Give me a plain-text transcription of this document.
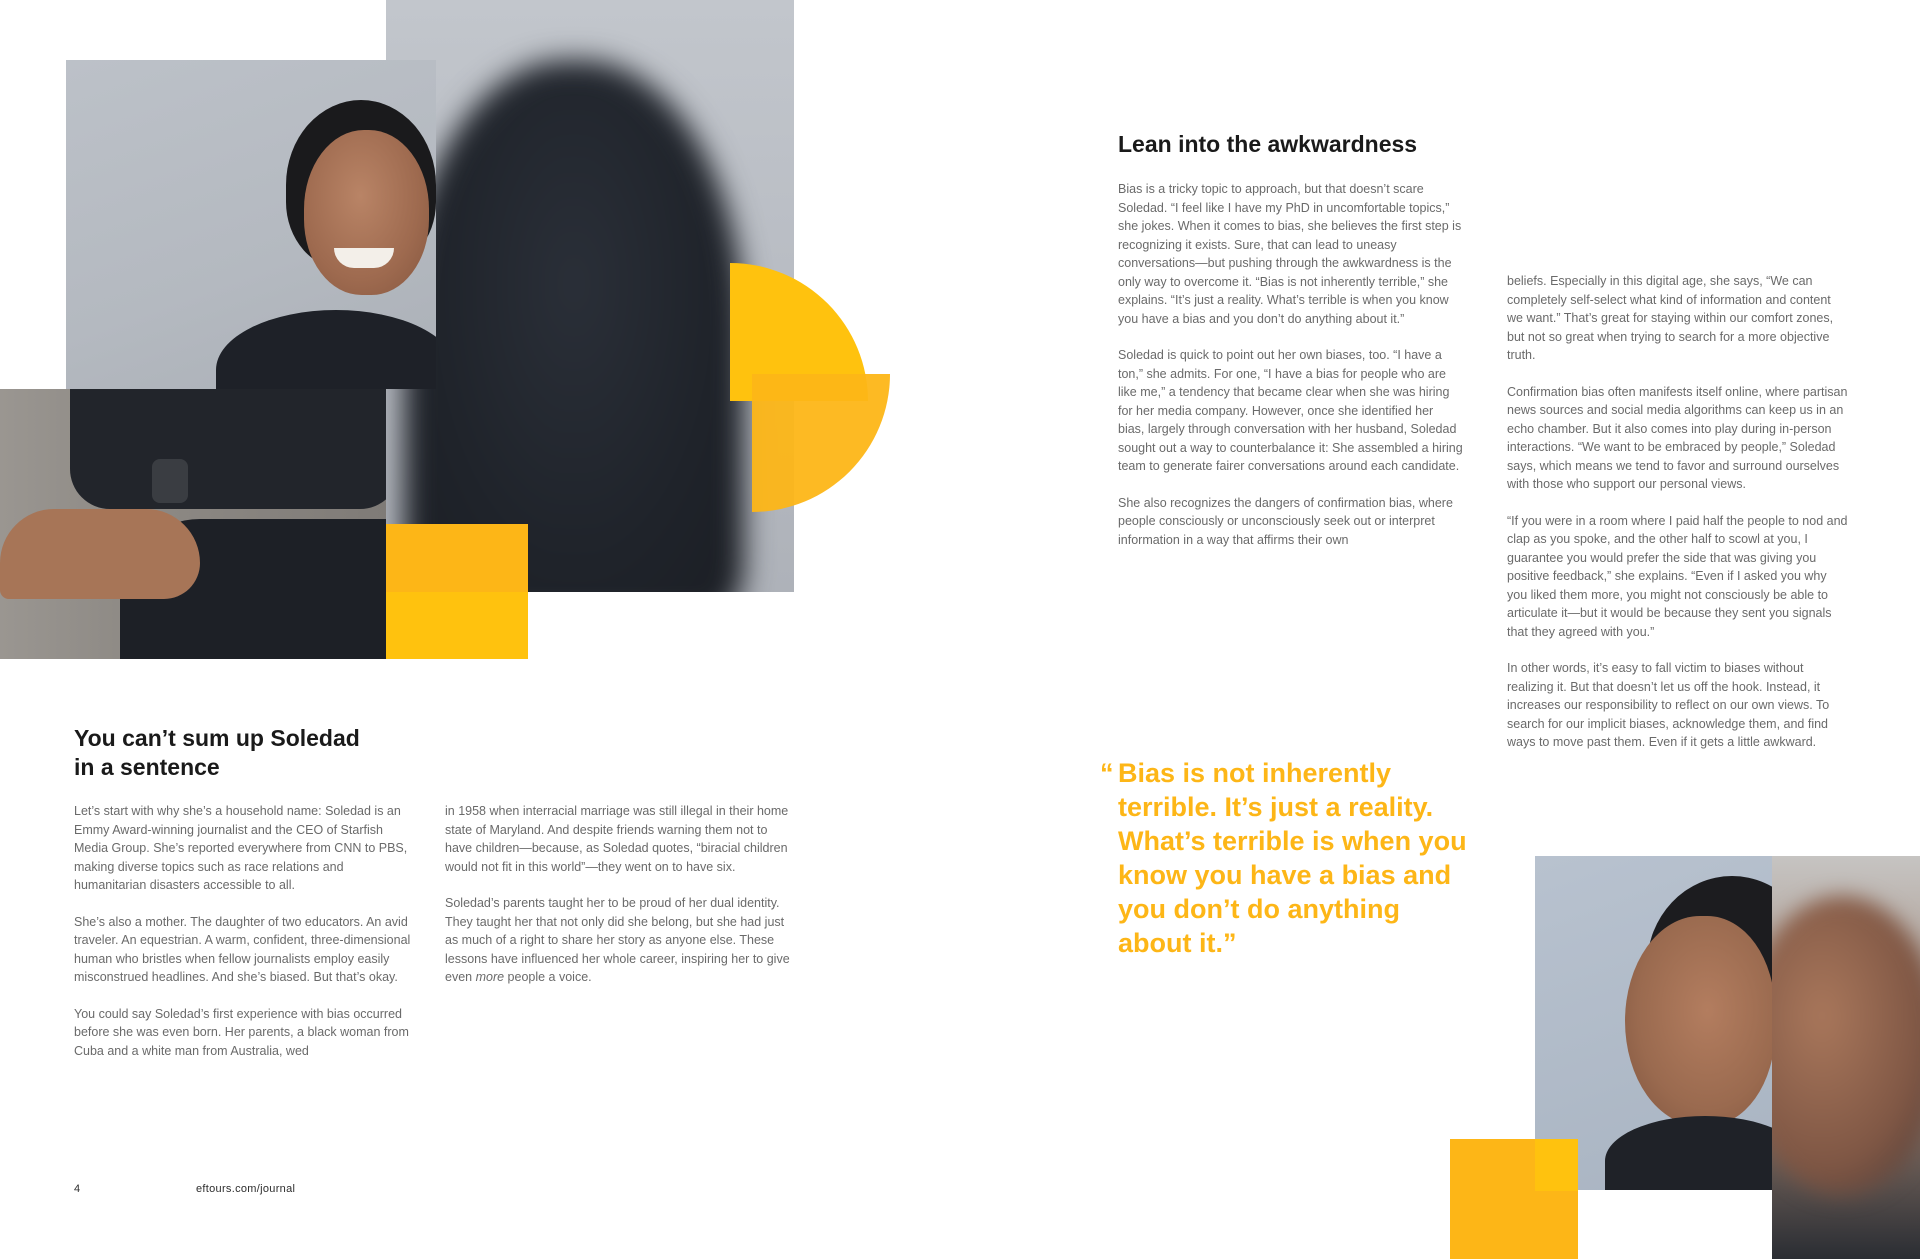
You can’t sum up Soledad
in a sentence

Let’s start with why she’s a household name: Soledad is an Emmy Award-winning journalist and the CEO of Starfish Media Group. She’s reported everywhere from CNN to PBS, making diverse topics such as race relations and humanitarian disasters accessible to all.

She’s also a mother. The daughter of two educators. An avid traveler. An equestrian. A warm, confident, three-dimensional human who bristles when fellow journalists employ easily misconstrued headlines. And she’s biased. But that’s okay.

You could say Soledad’s first experience with bias occurred before she was even born. Her parents, a black woman from Cuba and a white man from Australia, wed

in 1958 when interracial marriage was still illegal in their home state of Maryland. And despite friends warning them not to have children—because, as Soledad quotes, “biracial children would not fit in this world”—they went on to have six.

Soledad’s parents taught her to be proud of her dual identity. They taught her that not only did she belong, but she had just as much of a right to share her story as anyone else. These lessons have influenced her whole career, inspiring her to give even more people a voice.

4	eftours.com/journal

Lean into the awkwardness

Bias is a tricky topic to approach, but that doesn’t scare Soledad. “I feel like I have my PhD in uncomfortable topics,” she jokes. When it comes to bias, she believes the first step is recognizing it exists. Sure, that can lead to uneasy conversations—but pushing through the awkwardness is the only way to overcome it. “Bias is not inherently terrible,” she explains. “It’s just a reality. What’s terrible is when you know you have a bias and you don’t do anything about it.”

Soledad is quick to point out her own biases, too. “I have a ton,” she admits. For one, “I have a bias for people who are like me,” a tendency that became clear when she was hiring for her media company. However, once she identified her bias, largely through conversation with her husband, Soledad sought out a way to counterbalance it: She assembled a hiring team to generate fairer conversations around each candidate.

She also recognizes the dangers of confirmation bias, where people consciously or unconsciously seek out or interpret information in a way that affirms their own

beliefs. Especially in this digital age, she says, “We can completely self-select what kind of information and content we want.” That’s great for staying within our comfort zones, but not so great when trying to search for a more objective truth.

Confirmation bias often manifests itself online, where partisan news sources and social media algorithms can keep us in an echo chamber. But it also comes into play during in-person interactions. “We want to be embraced by people,” Soledad says, which means we tend to favor and surround ourselves with those who support our personal views.

“If you were in a room where I paid half the people to nod and clap as you spoke, and the other half to scowl at you, I guarantee you would prefer the side that was giving you positive feedback,” she explains. “Even if I asked you why you liked them more, you might not consciously be able to articulate it—but it would be because they sent you signals that they agreed with you.”

In other words, it’s easy to fall victim to biases without realizing it. But that doesn’t let us off the hook. Instead, it increases our responsibility to reflect on our own views. To search for our implicit biases, acknowledge them, and find ways to move past them. Even if it gets a little awkward.

“ Bias is not inherently terrible. It’s just a reality. What’s terrible is when you know you have a bias and you don’t do anything about it.”
